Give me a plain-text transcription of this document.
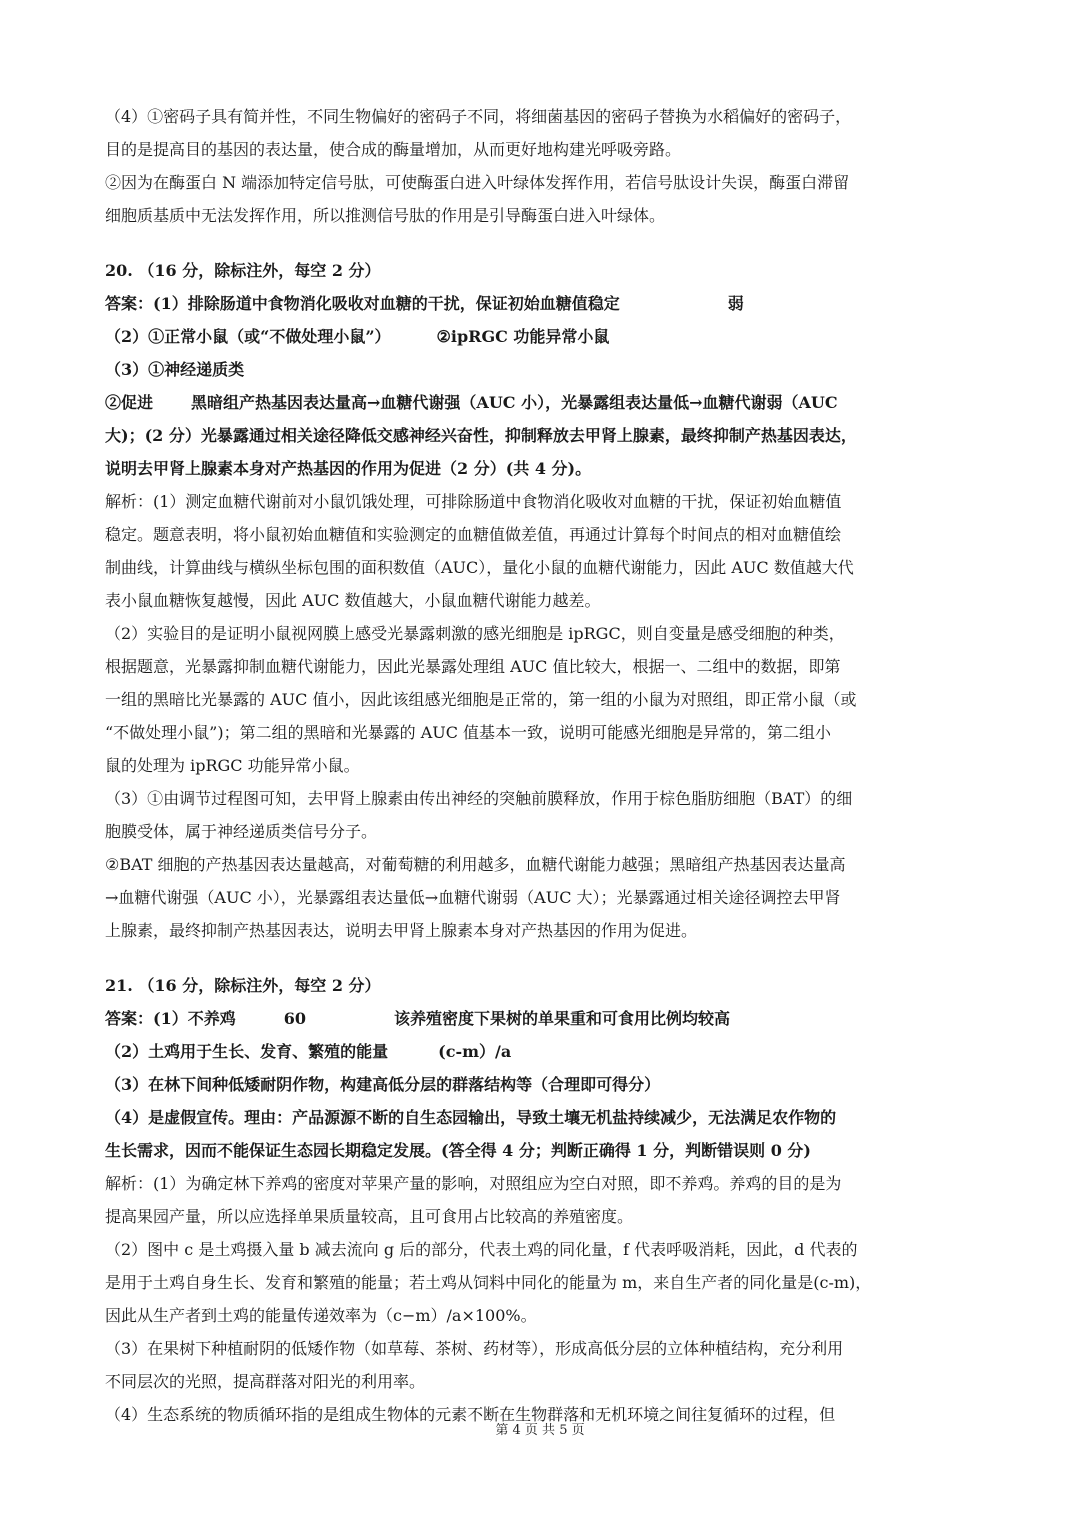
（4）①密码子具有简并性，不同生物偏好的密码子不同，将细菌基因的密码子替换为水稻偏好的密码子，
目的是提高目的基因的表达量，使合成的酶量增加，从而更好地构建光呼吸旁路。
②因为在酶蛋白 N 端添加特定信号肽，可使酶蛋白进入叶绿体发挥作用，若信号肽设计失误，酶蛋白滞留
细胞质基质中无法发挥作用，所以推测信号肽的作用是引导酶蛋白进入叶绿体。
20. （16 分，除标注外，每空 2 分）
答案：(1）排除肠道中食物消化吸收对血糖的干扰，保证初始血糖值稳定	弱
（2）①正常小鼠（或“不做处理小鼠”）	②ipRGC 功能异常小鼠
（3）①神经递质类
②促进 黑暗组产热基因表达量高→血糖代谢强（AUC 小），光暴露组表达量低→血糖代谢弱（AUC
大)；(2 分）光暴露通过相关途径降低交感神经兴奋性，抑制释放去甲肾上腺素，最终抑制产热基因表达，
说明去甲肾上腺素本身对产热基因的作用为促进（2 分）(共 4 分)。
解析：(1）测定血糖代谢前对小鼠饥饿处理，可排除肠道中食物消化吸收对血糖的干扰，保证初始血糖值
稳定。题意表明，将小鼠初始血糖值和实验测定的血糖值做差值，再通过计算每个时间点的相对血糖值绘
制曲线，计算曲线与横纵坐标包围的面积数值（AUC），量化小鼠的血糖代谢能力，因此 AUC 数值越大代
表小鼠血糖恢复越慢，因此 AUC 数值越大，小鼠血糖代谢能力越差。
（2）实验目的是证明小鼠视网膜上感受光暴露刺激的感光细胞是 ipRGC，则自变量是感受细胞的种类，
根据题意，光暴露抑制血糖代谢能力，因此光暴露处理组 AUC 值比较大，根据一、二组中的数据，即第
一组的黑暗比光暴露的 AUC 值小，因此该组感光细胞是正常的，第一组的小鼠为对照组，即正常小鼠（或
“不做处理小鼠”)；第二组的黑暗和光暴露的 AUC 值基本一致，说明可能感光细胞是异常的，第二组小
鼠的处理为 ipRGC 功能异常小鼠。
（3）①由调节过程图可知，去甲肾上腺素由传出神经的突触前膜释放，作用于棕色脂肪细胞（BAT）的细
胞膜受体，属于神经递质类信号分子。
②BAT 细胞的产热基因表达量越高，对葡萄糖的利用越多，血糖代谢能力越强；黑暗组产热基因表达量高
→血糖代谢强（AUC 小），光暴露组表达量低→血糖代谢弱（AUC 大）；光暴露通过相关途径调控去甲肾
上腺素，最终抑制产热基因表达，说明去甲肾上腺素本身对产热基因的作用为促进。
21. （16 分，除标注外，每空 2 分）
答案：(1）不养鸡	60	该养殖密度下果树的单果重和可食用比例均较高
（2）土鸡用于生长、发育、繁殖的能量	(c-m）/a
（3）在林下间种低矮耐阴作物，构建高低分层的群落结构等（合理即可得分）
（4）是虚假宣传。理由：产品源源不断的自生态园输出，导致土壤无机盐持续减少，无法满足农作物的
生长需求，因而不能保证生态园长期稳定发展。(答全得 4 分；判断正确得 1 分，判断错误则 0 分)
解析：(1）为确定林下养鸡的密度对苹果产量的影响，对照组应为空白对照，即不养鸡。养鸡的目的是为
提高果园产量，所以应选择单果质量较高，且可食用占比较高的养殖密度。
（2）图中 c 是土鸡摄入量 b 减去流向 g 后的部分，代表土鸡的同化量，f 代表呼吸消耗，因此，d 代表的
是用于土鸡自身生长、发育和繁殖的能量；若土鸡从饲料中同化的能量为 m，来自生产者的同化量是(c-m)，
因此从生产者到土鸡的能量传递效率为（c−m）/a×100%。
（3）在果树下种植耐阴的低矮作物（如草莓、茶树、药材等），形成高低分层的立体种植结构，充分利用
不同层次的光照，提高群落对阳光的利用率。
（4）生态系统的物质循环指的是组成生物体的元素不断在生物群落和无机环境之间往复循环的过程，但
第 4 页 共 5 页
